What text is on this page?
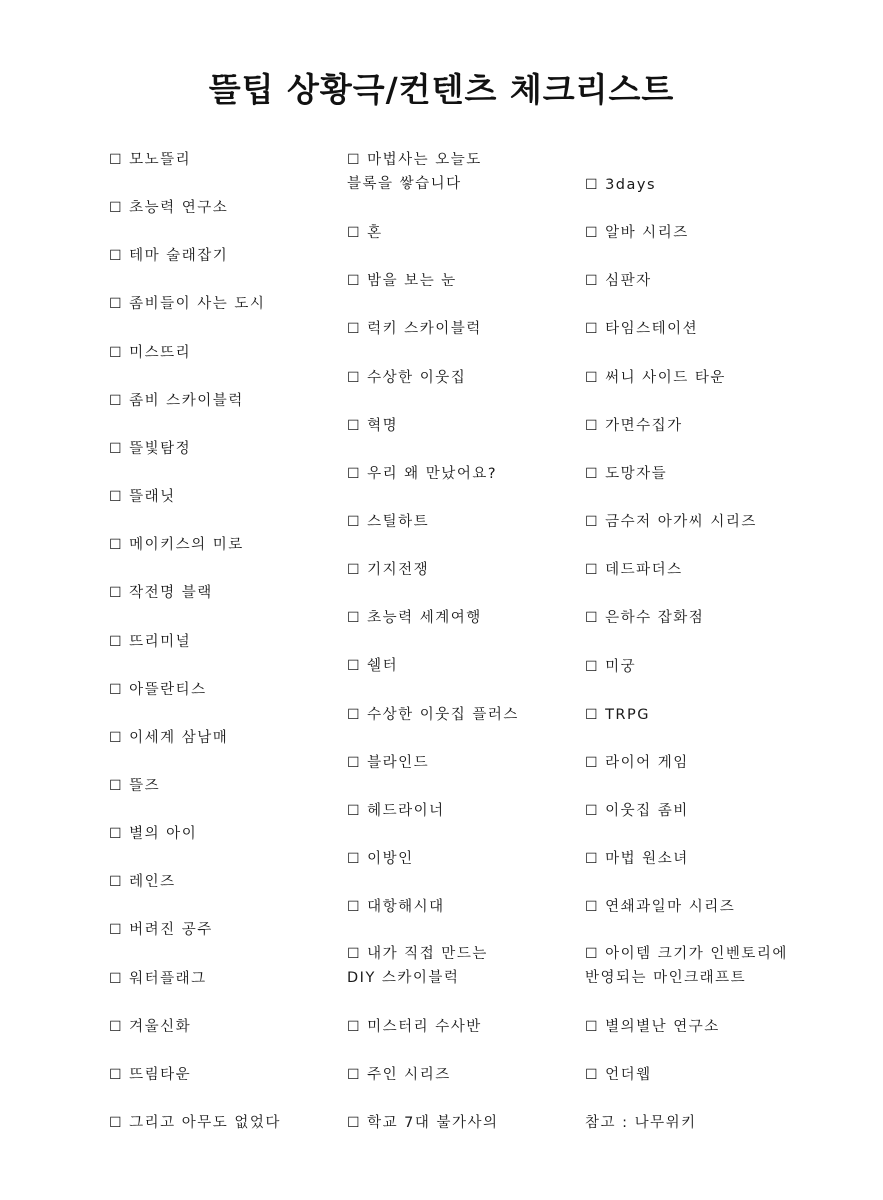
뜰팁 상황극/컨텐츠 체크리스트
☐ 모노뜰리
☐ 초능력 연구소
☐ 테마 술래잡기
☐ 좀비들이 사는 도시
☐ 미스뜨리
☐ 좀비 스카이블럭
☐ 뜰빛탐정
☐ 뜰래닛
☐ 메이키스의 미로
☐ 작전명 블랙
☐ 뜨리미널
☐ 아뜰란티스
☐ 이세계 삼남매
☐ 뜰즈
☐ 별의 아이
☐ 레인즈
☐ 버려진 공주
☐ 워터플래그
☐ 겨울신화
☐ 뜨림타운
☐ 그리고 아무도 없었다
☐ 마법사는 오늘도
블록을 쌓습니다
☐ 혼
☐ 밤을 보는 눈
☐ 럭키 스카이블럭
☐ 수상한 이웃집
☐ 혁명
☐ 우리 왜 만났어요?
☐ 스틸하트
☐ 기지전쟁
☐ 초능력 세계여행
☐ 쉘터
☐ 수상한 이웃집 플러스
☐ 블라인드
☐ 헤드라이너
☐ 이방인
☐ 대항해시대
☐ 내가 직접 만드는
DIY 스카이블럭
☐ 미스터리 수사반
☐ 주인 시리즈
☐ 학교 7대 불가사의
☐ 3days
☐ 알바 시리즈
☐ 심판자
☐ 타임스테이션
☐ 써니 사이드 타운
☐ 가면수집가
☐ 도망자들
☐ 금수저 아가씨 시리즈
☐ 데드파더스
☐ 은하수 잡화점
☐ 미궁
☐ TRPG
☐ 라이어 게임
☐ 이웃집 좀비
☐ 마법 원소녀
☐ 연쇄과일마 시리즈
☐ 아이템 크기가 인벤토리에
반영되는 마인크래프트
☐ 별의별난 연구소
☐ 언더웹
참고 : 나무위키
